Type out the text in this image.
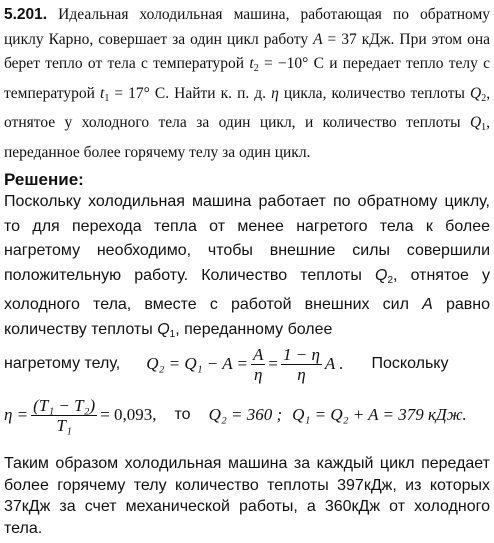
5.201. Идеальная холодильная машина, работающая по обратному циклу Карно, совершает за один цикл работу A = 37 кДж. При этом она берет тепло от тела с температурой $t_2 = -10^\circ$ С и передает тепло телу с температурой $t_1 = 17^\circ$ С. Найти к. п. д. η цикла, количество теплоты $Q_2$, отнятое у холодного тела за один цикл, и количество теплоты $Q_1$, переданное более горячему телу за один цикл.
Решение:
Поскольку холодильная машина работает по обратному циклу, то для перехода тепла от менее нагретого тела к более нагретому необходимо, чтобы внешние силы совершили положительную работу. Количество теплоты $Q_2$, отнятое у холодного тела, вместе с работой внешних сил A равно количеству теплоты $Q_1$, переданному более
нагретому телу, $Q_2 = Q_1 - A = \frac{A}{\eta} = \frac{1 - \eta}{\eta}$ A . Поскольку
$\eta = \frac{\text{(T₁ − T₂)}}{\text{T₁}} = 0,093$, то Q₂ = 360 ; Q₁ = Q₂ + A = 379 кДж.
Таким образом холодильная машина за каждый цикл передает более горячему телу количество теплоты 397кДж, из которых 37кДж за счет механической работы, а 360кДж от холодного тела.
